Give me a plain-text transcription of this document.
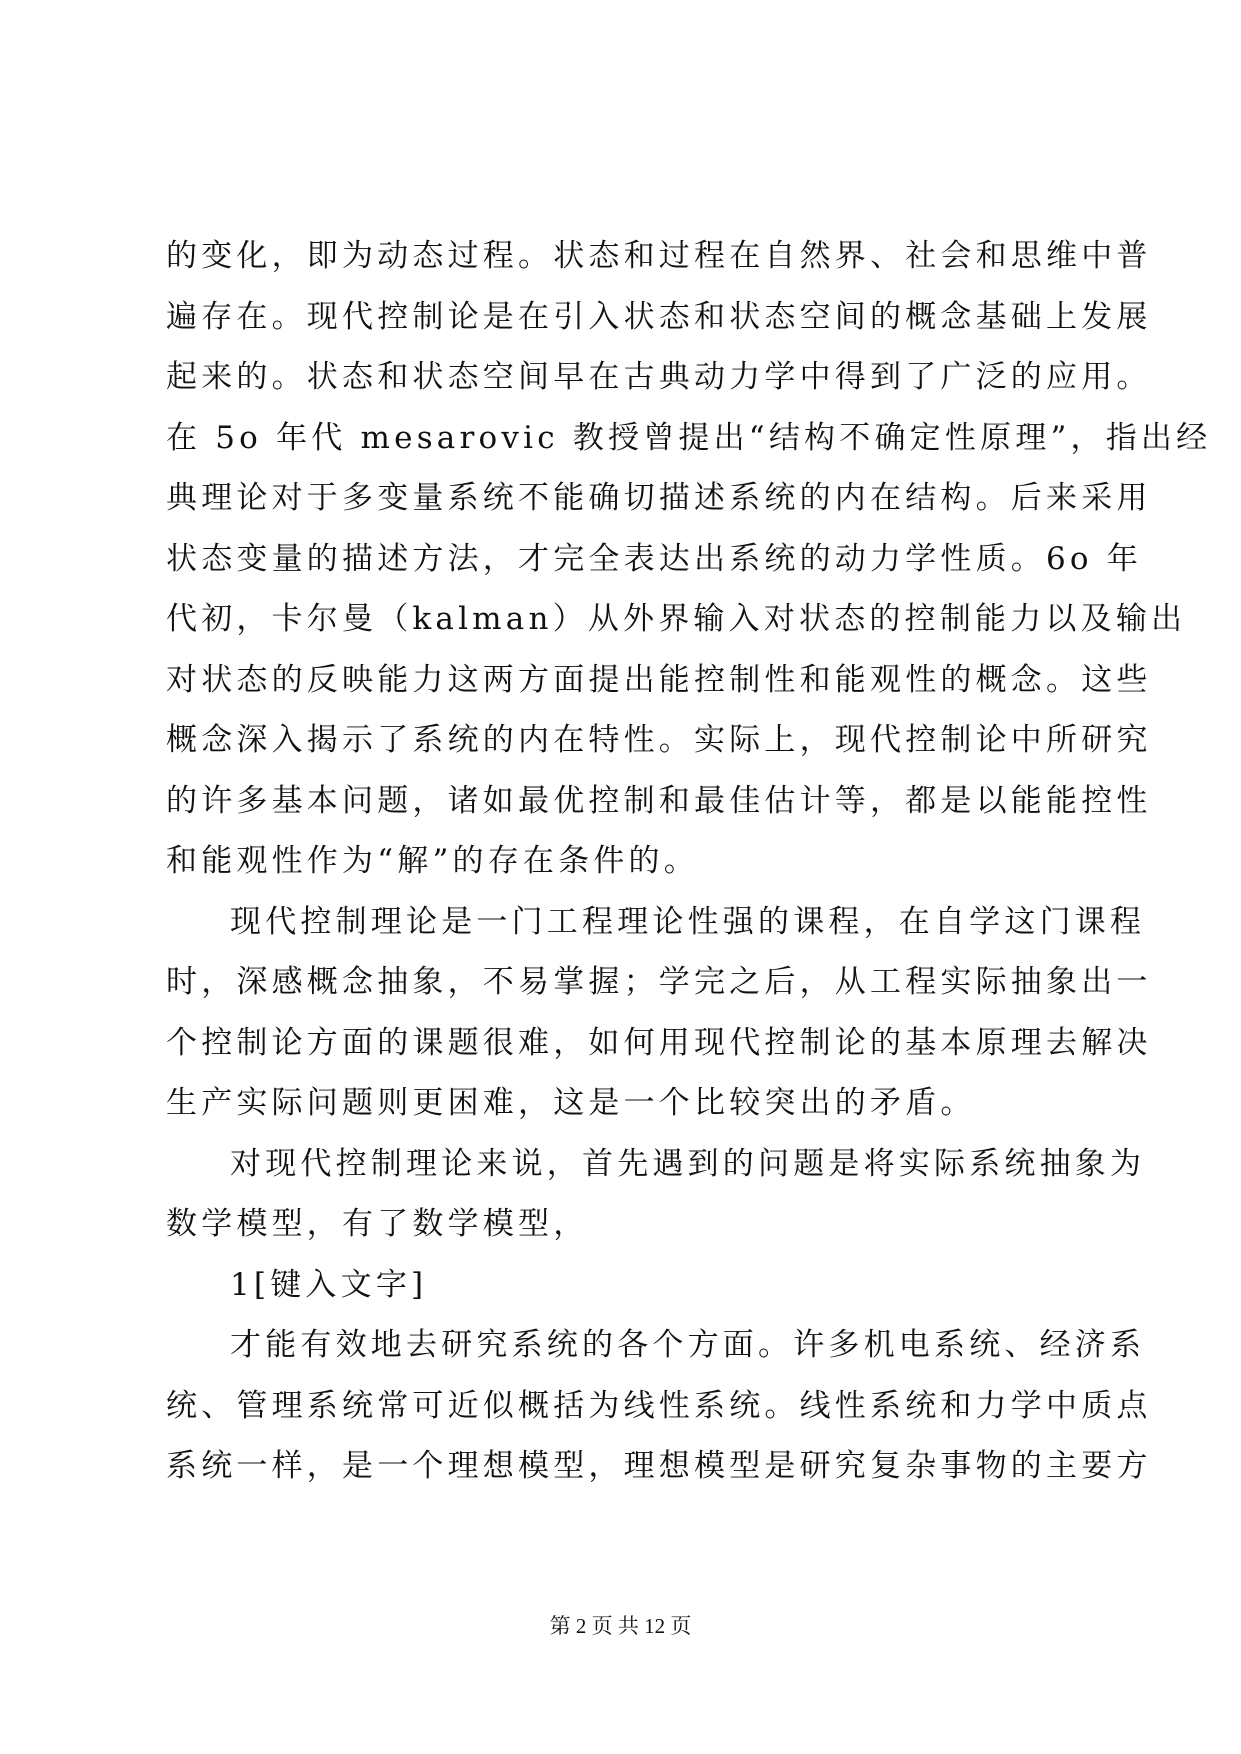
的变化，即为动态过程。状态和过程在自然界、社会和思维中普
遍存在。现代控制论是在引入状态和状态空间的概念基础上发展
起来的。状态和状态空间早在古典动力学中得到了广泛的应用。
在 5o 年代 mesarovic 教授曾提出“结构不确定性原理”，指出经
典理论对于多变量系统不能确切描述系统的内在结构。后来采用
状态变量的描述方法，才完全表达出系统的动力学性质。6o 年
代初，卡尔曼（kalman）从外界输入对状态的控制能力以及输出
对状态的反映能力这两方面提出能控制性和能观性的概念。这些
概念深入揭示了系统的内在特性。实际上，现代控制论中所研究
的许多基本问题，诸如最优控制和最佳估计等，都是以能能控性
和能观性作为“解”的存在条件的。
现代控制理论是一门工程理论性强的课程，在自学这门课程
时，深感概念抽象，不易掌握；学完之后，从工程实际抽象出一
个控制论方面的课题很难，如何用现代控制论的基本原理去解决
生产实际问题则更困难，这是一个比较突出的矛盾。
对现代控制理论来说，首先遇到的问题是将实际系统抽象为
数学模型，有了数学模型，
1[键入文字]
才能有效地去研究系统的各个方面。许多机电系统、经济系
统、管理系统常可近似概括为线性系统。线性系统和力学中质点
系统一样，是一个理想模型，理想模型是研究复杂事物的主要方
第 2 页 共 12 页
